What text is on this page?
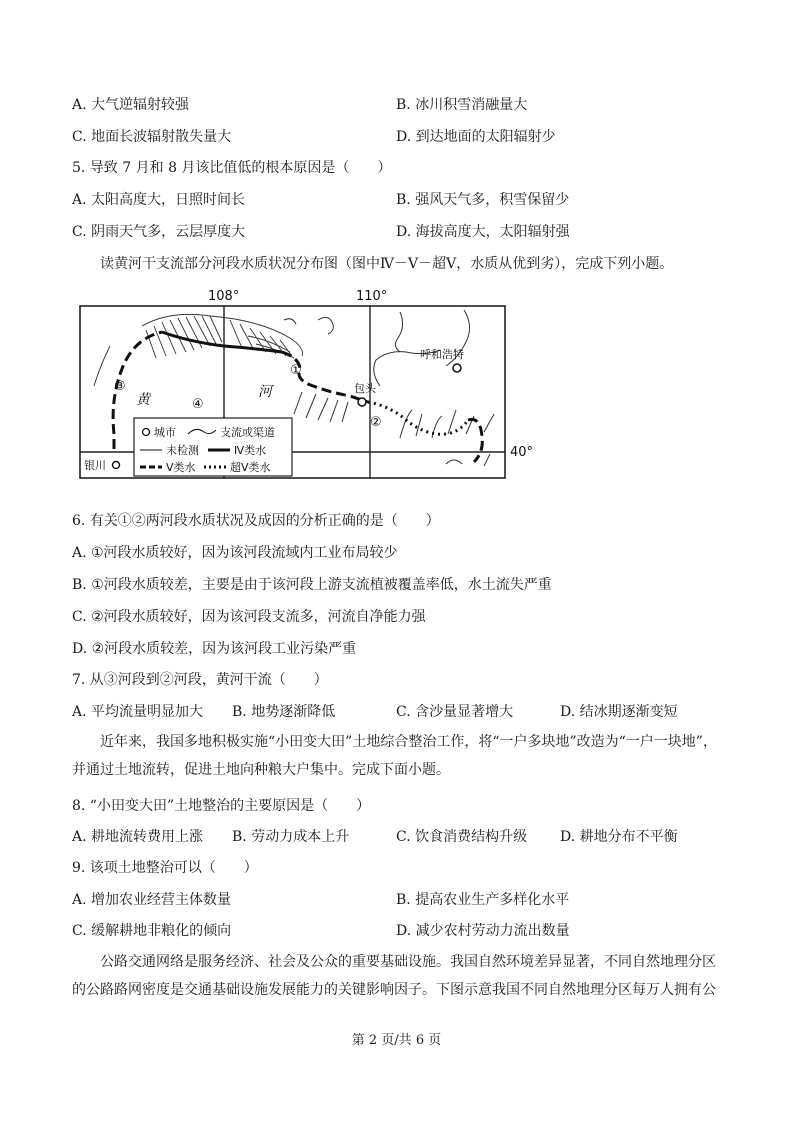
A. 大气逆辐射较强	B. 冰川积雪消融量大
C. 地面长波辐射散失量大	D. 到达地面的太阳辐射少
5. 导致 7 月和 8 月该比值低的根本原因是（　　）
A. 太阳高度大，日照时间长	B. 强风天气多，积雪保留少
C. 阴雨天气多，云层厚度大	D. 海拔高度大，太阳辐射强
读黄河干支流部分河段水质状况分布图（图中Ⅳ－Ⅴ－超Ⅴ，水质从优到劣），完成下列小题。
108°	110°
40°
呼和浩特
包头
银川
黄	河
①
②
③
④
城市	支流或渠道
未检测	Ⅳ类水
Ⅴ类水	超Ⅴ类水
6. 有关①②两河段水质状况及成因的分析正确的是（　　）
A. ①河段水质较好，因为该河段流域内工业布局较少
B. ①河段水质较差，主要是由于该河段上游支流植被覆盖率低，水土流失严重
C. ②河段水质较好，因为该河段支流多，河流自净能力强
D. ②河段水质较差，因为该河段工业污染严重
7. 从③河段到②河段，黄河干流（　　）
A. 平均流量明显加大 B. 地势逐渐降低	C. 含沙量显著增大	D. 结冰期逐渐变短
近年来，我国多地积极实施“小田变大田”土地综合整治工作，将“一户多块地”改造为“一户一块地”，并通过土地流转，促进土地向种粮大户集中。完成下面小题。
8. “小田变大田”土地整治的主要原因是（　　）
A. 耕地流转费用上涨 B. 劳动力成本上升	C. 饮食消费结构升级 D. 耕地分布不平衡
9. 该项土地整治可以（　　）
A. 增加农业经营主体数量	B. 提高农业生产多样化水平
C. 缓解耕地非粮化的倾向	D. 减少农村劳动力流出数量
公路交通网络是服务经济、社会及公众的重要基础设施。我国自然环境差异显著，不同自然地理分区的公路路网密度是交通基础设施发展能力的关键影响因子。下图示意我国不同自然地理分区每万人拥有公
第 2 页/共 6 页
